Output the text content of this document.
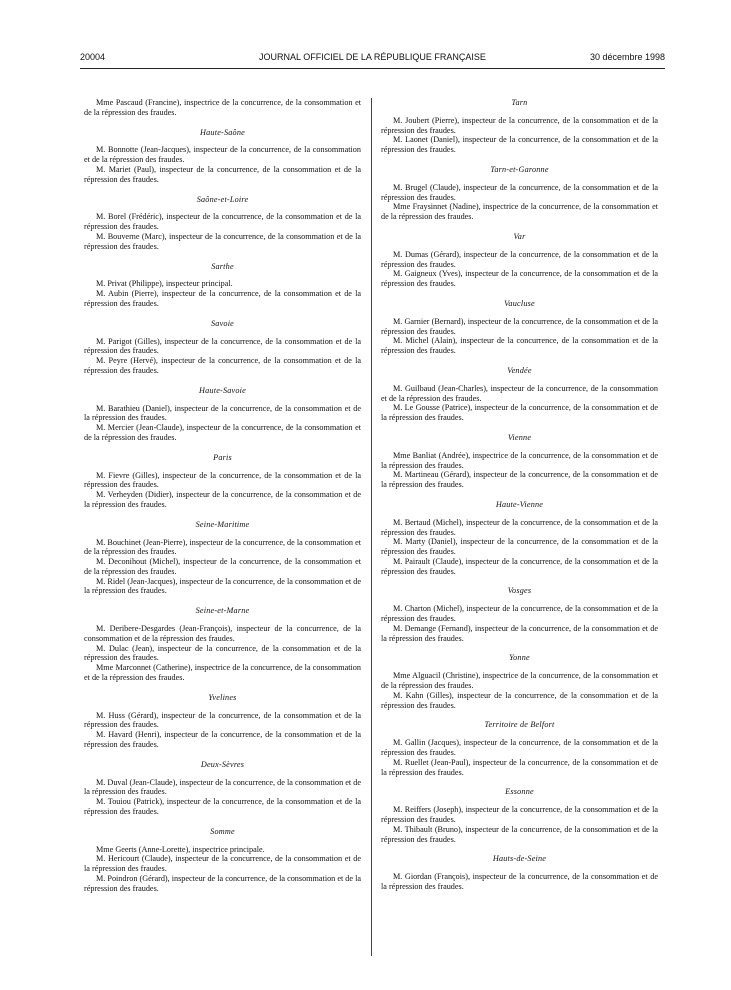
20004	JOURNAL OFFICIEL DE LA RÉPUBLIQUE FRANÇAISE	30 décembre 1998

Mme Pascaud (Francine), inspectrice de la concurrence, de la consommation et de la répression des fraudes.

Haute-Saône

M. Bonnotte (Jean-Jacques), inspecteur de la concurrence, de la consommation et de la répression des fraudes.

M. Mariet (Paul), inspecteur de la concurrence, de la consommation et de la répression des fraudes.

Saône-et-Loire

M. Borel (Frédéric), inspecteur de la concurrence, de la consommation et de la répression des fraudes.

M. Bouverne (Marc), inspecteur de la concurrence, de la consommation et de la répression des fraudes.

Sarthe

M. Privat (Philippe), inspecteur principal.

M. Aubin (Pierre), inspecteur de la concurrence, de la consommation et de la répression des fraudes.

Savoie

M. Parigot (Gilles), inspecteur de la concurrence, de la consommation et de la répression des fraudes.

M. Peyre (Hervé), inspecteur de la concurrence, de la consommation et de la répression des fraudes.

Haute-Savoie

M. Barathieu (Daniel), inspecteur de la concurrence, de la consommation et de la répression des fraudes.

M. Mercier (Jean-Claude), inspecteur de la concurrence, de la consommation et de la répression des fraudes.

Paris

M. Fievre (Gilles), inspecteur de la concurrence, de la consommation et de la répression des fraudes.

M. Verheyden (Didier), inspecteur de la concurrence, de la consommation et de la répression des fraudes.

Seine-Maritime

M. Bouchinet (Jean-Pierre), inspecteur de la concurrence, de la consommation et de la répression des fraudes.

M. Deconihout (Michel), inspecteur de la concurrence, de la consommation et de la répression des fraudes.

M. Ridel (Jean-Jacques), inspecteur de la concurrence, de la consommation et de la répression des fraudes.

Seine-et-Marne

M. Deribere-Desgardes (Jean-François), inspecteur de la concurrence, de la consommation et de la répression des fraudes.

M. Dulac (Jean), inspecteur de la concurrence, de la consommation et de la répression des fraudes.

Mme Marconnet (Catherine), inspectrice de la concurrence, de la consommation et de la répression des fraudes.

Yvelines

M. Huss (Gérard), inspecteur de la concurrence, de la consommation et de la répression des fraudes.

M. Havard (Henri), inspecteur de la concurrence, de la consommation et de la répression des fraudes.

Deux-Sèvres

M. Duval (Jean-Claude), inspecteur de la concurrence, de la consommation et de la répression des fraudes.

M. Touiou (Patrick), inspecteur de la concurrence, de la consommation et de la répression des fraudes.

Somme

Mme Geerts (Anne-Lorette), inspectrice principale.

M. Hericourt (Claude), inspecteur de la concurrence, de la consommation et de la répression des fraudes.

M. Poindron (Gérard), inspecteur de la concurrence, de la consommation et de la répression des fraudes.

Tarn

M. Joubert (Pierre), inspecteur de la concurrence, de la consommation et de la répression des fraudes.

M. Laonet (Daniel), inspecteur de la concurrence, de la consommation et de la répression des fraudes.

Tarn-et-Garonne

M. Brugel (Claude), inspecteur de la concurrence, de la consommation et de la répression des fraudes.

Mme Fraysinnet (Nadine), inspectrice de la concurrence, de la consommation et de la répression des fraudes.

Var

M. Dumas (Gérard), inspecteur de la concurrence, de la consommation et de la répression des fraudes.

M. Gaigneux (Yves), inspecteur de la concurrence, de la consommation et de la répression des fraudes.

Vaucluse

M. Garnier (Bernard), inspecteur de la concurrence, de la consommation et de la répression des fraudes.

M. Michel (Alain), inspecteur de la concurrence, de la consommation et de la répression des fraudes.

Vendée

M. Guilbaud (Jean-Charles), inspecteur de la concurrence, de la consommation et de la répression des fraudes.

M. Le Gousse (Patrice), inspecteur de la concurrence, de la consommation et de la répression des fraudes.

Vienne

Mme Banliat (Andrée), inspectrice de la concurrence, de la consommation et de la répression des fraudes.

M. Martineau (Gérard), inspecteur de la concurrence, de la consommation et de la répression des fraudes.

Haute-Vienne

M. Bertaud (Michel), inspecteur de la concurrence, de la consommation et de la répression des fraudes.

M. Marty (Daniel), inspecteur de la concurrence, de la consommation et de la répression des fraudes.

M. Pairault (Claude), inspecteur de la concurrence, de la consommation et de la répression des fraudes.

Vosges

M. Charton (Michel), inspecteur de la concurrence, de la consommation et de la répression des fraudes.

M. Demange (Fernand), inspecteur de la concurrence, de la consommation et de la répression des fraudes.

Yonne

Mme Alguacil (Christine), inspectrice de la concurrence, de la consommation et de la répression des fraudes.

M. Kahn (Gilles), inspecteur de la concurrence, de la consommation et de la répression des fraudes.

Territoire de Belfort

M. Gallin (Jacques), inspecteur de la concurrence, de la consommation et de la répression des fraudes.

M. Ruellet (Jean-Paul), inspecteur de la concurrence, de la consommation et de la répression des fraudes.

Essonne

M. Reiffers (Joseph), inspecteur de la concurrence, de la consommation et de la répression des fraudes.

M. Thibault (Bruno), inspecteur de la concurrence, de la consommation et de la répression des fraudes.

Hauts-de-Seine

M. Giordan (François), inspecteur de la concurrence, de la consommation et de la répression des fraudes.
